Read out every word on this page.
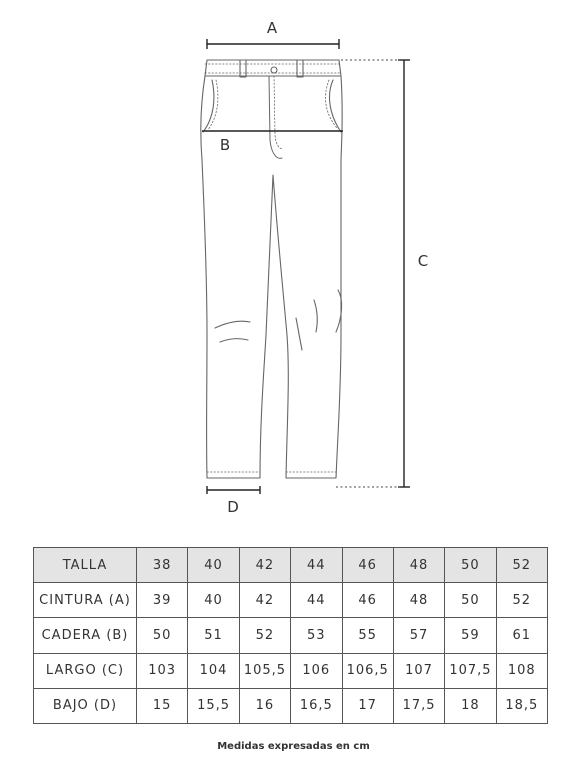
A
B
C
D
TALLA	38	40	42	44	46	48	50	52
CINTURA (A)	39	40	42	44	46	48	50	52
CADERA (B)	50	51	52	53	55	57	59	61
LARGO (C)	103	104	105,5	106	106,5	107	107,5	108
BAJO (D)	15	15,5	16	16,5	17	17,5	18	18,5
Medidas expresadas en cm
